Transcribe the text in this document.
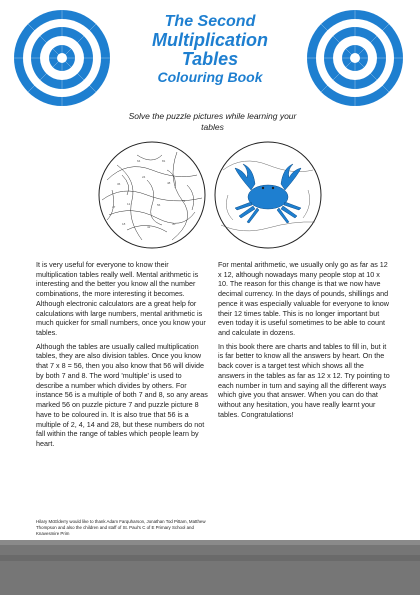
The Second
Multiplication
Tables
Colouring Book
Solve the puzzle pictures while learning your tables
36
24
48
12	56
72
18
42
30
64	81
27

It is very useful for everyone to know their multiplication tables really well. Mental arithmetic is interesting and the better you know all the number combinations, the more interesting it becomes. Although electronic calculators are a great help for calculations with large numbers, mental arithmetic is much quicker for small numbers, once you know your tables.

Although the tables are usually called multiplication tables, they are also division tables. Once you know that 7 x 8 = 56, then you also know that 56 will divide by both 7 and 8. The word 'multiple' is used to describe a number which divides by others. For instance 56 is a multiple of both 7 and 8, so any areas marked 56 on puzzle picture 7 and puzzle picture 8 have to be coloured in. It is also true that 56 is a multiple of 2, 4, 14 and 28, but these numbers do not fall within the range of tables which people learn by heart.

For mental arithmetic, we usually only go as far as 12 x 12, although nowadays many people stop at 10 x 10. The reason for this change is that we now have decimal currency. In the days of pounds, shillings and pence it was especially valuable for everyone to know their 12 times table. This is no longer important but even today it is useful sometimes to be able to count and calculate in dozens.

In this book there are charts and tables to fill in, but it is far better to know all the answers by heart. On the back cover is a target test which shows all the answers in the tables as far as 12 x 12. Try pointing to each number in turn and saying all the different ways which give you that answer. When you can do that without any hesitation, you have really learnt your tables. Congratulations!

Hilary McElderry would like to thank Adam Farquharson, Jonathan Tod Pittam, Matthew Thompson and also the children and staff of St. Paul's C of E Primary School and Knavesmire Prim
